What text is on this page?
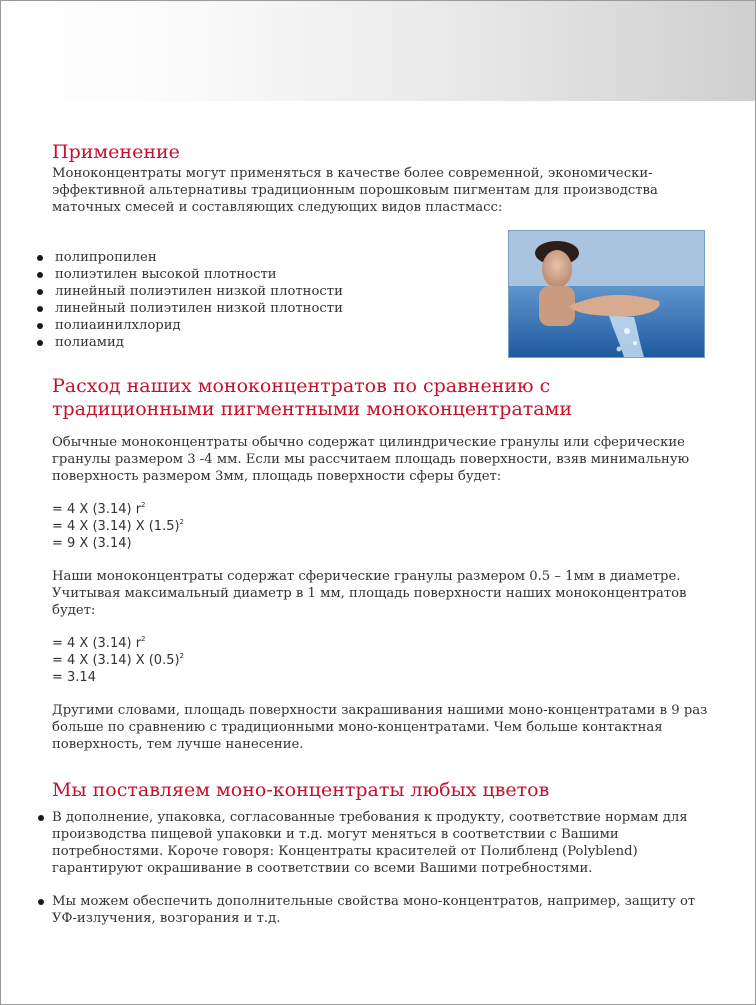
Применение

Моноконцентраты могут применяться в качестве более современной, экономически- эффективной альтернативы традиционным порошковым пигментам для производства маточных смесей и составляющих следующих видов пластмасс:

полипропилен
полиэтилен высокой плотности
линейный полиэтилен низкой плотности
линейный полиэтилен низкой плотности
полиаинилхлорид
полиамид
Расход наших моноконцентратов по сравнению с
традиционными пигментными моноконцентратами

Обычные моноконцентраты обычно содержат цилиндрические гранулы или сферические гранулы размером 3 -4 мм. Если мы рассчитаем площадь поверхности, взяв минимальную поверхность размером 3мм, площадь поверхности сферы будет:

= 4 X (3.14) $r^2$
= 4 X (3.14) X $(1.5)^2$
= 9 X (3.14)

Наши моноконцентраты содержат сферические гранулы размером 0.5 – 1мм в диаметре. Учитывая максимальный диаметр в 1 мм, площадь поверхности наших моноконцентратов будет:

= 4 X (3.14) $r^2$
= 4 X (3.14) X $(0.5)^2$
= 3.14

Другими словами, площадь поверхности закрашивания нашими моно-концентратами в 9 раз больше по сравнению с традиционными моно-концентратами. Чем больше контактная поверхность, тем лучше нанесение.

Мы поставляем моно-концентраты любых цветов

В дополнение, упаковка, согласованные требования к продукту, соответствие нормам для производства пищевой упаковки и т.д. могут меняться в соответствии с Вашими потребностями. Короче говоря: Концентраты красителей от Полибленд (Polyblend) гарантируют окрашивание в соответствии со всеми Вашими потребностями.

Мы можем обеспечить дополнительные свойства моно-концентратов, например, защиту от УФ-излучения, возгорания и т.д.
